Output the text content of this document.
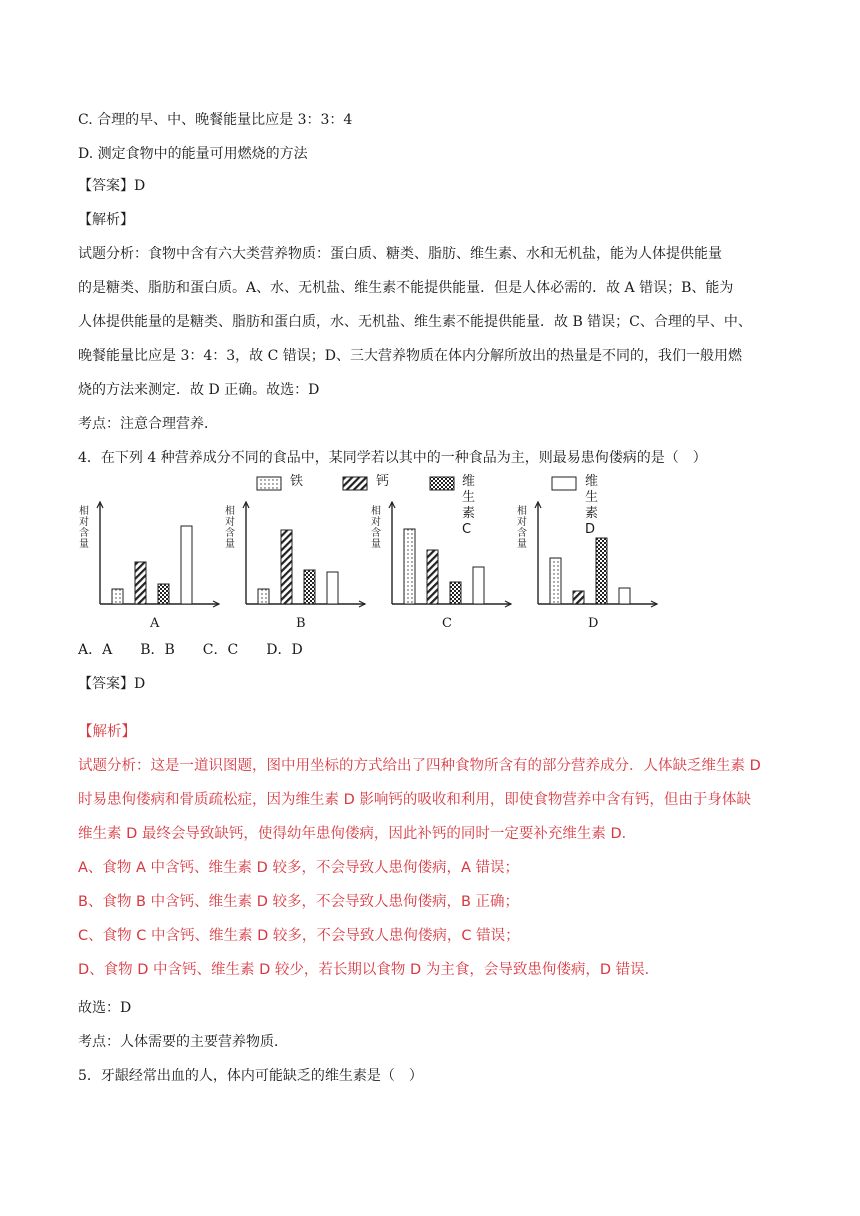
C. 合理的早、中、晚餐能量比应是 3：3：4
D. 测定食物中的能量可用燃烧的方法
【答案】D
【解析】
试题分析：食物中含有六大类营养物质：蛋白质、糖类、脂肪、维生素、水和无机盐，能为人体提供能量
的是糖类、脂肪和蛋白质。A、水、无机盐、维生素不能提供能量．但是人体必需的．故 A 错误；B、能为
人体提供能量的是糖类、脂肪和蛋白质，水、无机盐、维生素不能提供能量．故 B 错误；C、合理的早、中、
晚餐能量比应是 3：4：3，故 C 错误；D、三大营养物质在体内分解所放出的热量是不同的，我们一般用燃
烧的方法来测定．故 D 正确。故选：D
考点：注意合理营养．
4．在下列 4 种营养成分不同的食品中，某同学若以其中的一种食品为主，则最易患佝偻病的是（　）
铁	钙	维生素 C
维生素 D
相
对
含
量
A
相
对
含
量
B
相
对
含
量
C
相
对
含
量
D
A．A　　B．B　　C．C　　D．D
【答案】D
【解析】
试题分析：这是一道识图题，图中用坐标的方式给出了四种食物所含有的部分营养成分．人体缺乏维生素 D
时易患佝偻病和骨质疏松症，因为维生素 D 影响钙的吸收和利用，即使食物营养中含有钙，但由于身体缺
维生素 D 最终会导致缺钙，使得幼年患佝偻病，因此补钙的同时一定要补充维生素 D．
A、食物 A 中含钙、维生素 D 较多，不会导致人患佝偻病，A 错误；
B、食物 B 中含钙、维生素 D 较多，不会导致人患佝偻病，B 正确；
C、食物 C 中含钙、维生素 D 较多，不会导致人患佝偻病，C 错误；
D、食物 D 中含钙、维生素 D 较少，若长期以食物 D 为主食，会导致患佝偻病，D 错误．
故选：D
考点：人体需要的主要营养物质．
5．牙龈经常出血的人，体内可能缺乏的维生素是（　）
